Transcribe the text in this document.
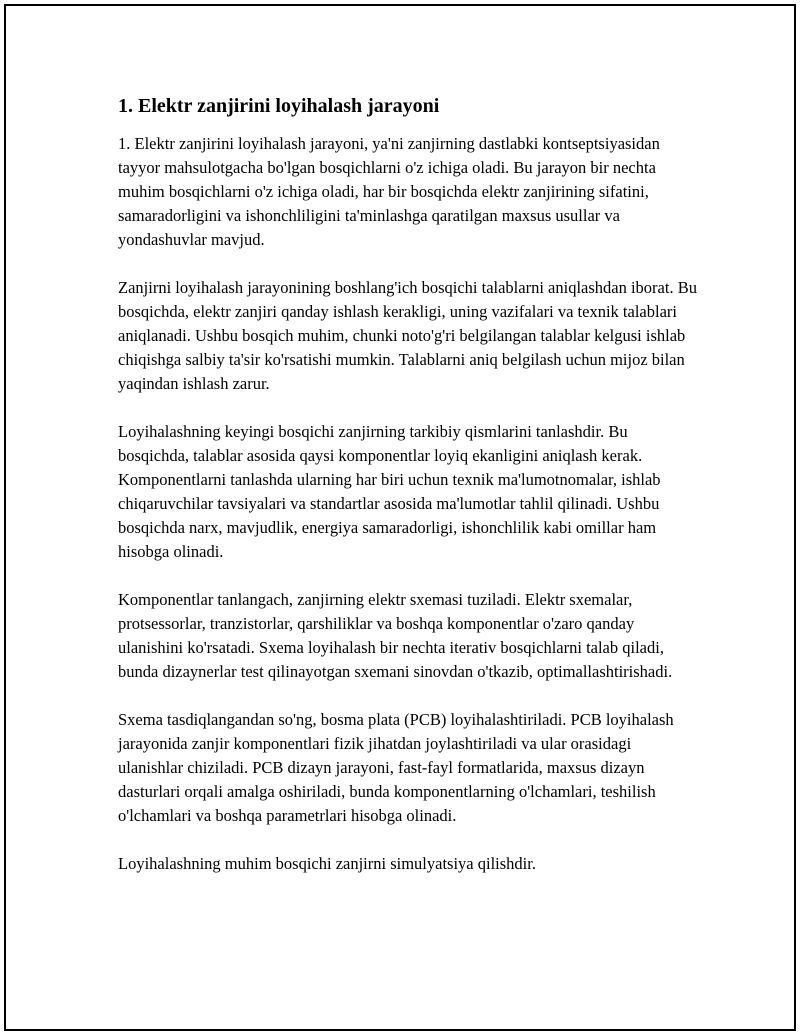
1. Elektr zanjirini loyihalash jarayoni

1. Elektr zanjirini loyihalash jarayoni, ya'ni zanjirning dastlabki kontseptsiyasidan tayyor mahsulotgacha bo'lgan bosqichlarni o'z ichiga oladi. Bu jarayon bir nechta muhim bosqichlarni o'z ichiga oladi, har bir bosqichda elektr zanjirining sifatini, samaradorligini va ishonchliligini ta'minlashga qaratilgan maxsus usullar va yondashuvlar mavjud.

Zanjirni loyihalash jarayonining boshlang'ich bosqichi talablarni aniqlashdan iborat. Bu bosqichda, elektr zanjiri qanday ishlash kerakligi, uning vazifalari va texnik talablari aniqlanadi. Ushbu bosqich muhim, chunki noto'g'ri belgilangan talablar kelgusi ishlab chiqishga salbiy ta'sir ko'rsatishi mumkin. Talablarni aniq belgilash uchun mijoz bilan yaqindan ishlash zarur.

Loyihalashning keyingi bosqichi zanjirning tarkibiy qismlarini tanlashdir. Bu bosqichda, talablar asosida qaysi komponentlar loyiq ekanligini aniqlash kerak. Komponentlarni tanlashda ularning har biri uchun texnik ma'lumotnomalar, ishlab chiqaruvchilar tavsiyalari va standartlar asosida ma'lumotlar tahlil qilinadi. Ushbu bosqichda narx, mavjudlik, energiya samaradorligi, ishonchlilik kabi omillar ham hisobga olinadi.

Komponentlar tanlangach, zanjirning elektr sxemasi tuziladi. Elektr sxemalar, protsessorlar, tranzistorlar, qarshiliklar va boshqa komponentlar o'zaro qanday ulanishini ko'rsatadi. Sxema loyihalash bir nechta iterativ bosqichlarni talab qiladi, bunda dizaynerlar test qilinayotgan sxemani sinovdan o'tkazib, optimallashtirishadi.

Sxema tasdiqlangandan so'ng, bosma plata (PCB) loyihalashtiriladi. PCB loyihalash jarayonida zanjir komponentlari fizik jihatdan joylashtiriladi va ular orasidagi ulanishlar chiziladi. PCB dizayn jarayoni, fast-fayl formatlarida, maxsus dizayn dasturlari orqali amalga oshiriladi, bunda komponentlarning o'lchamlari, teshilish o'lchamlari va boshqa parametrlari hisobga olinadi.

Loyihalashning muhim bosqichi zanjirni simulyatsiya qilishdir.
